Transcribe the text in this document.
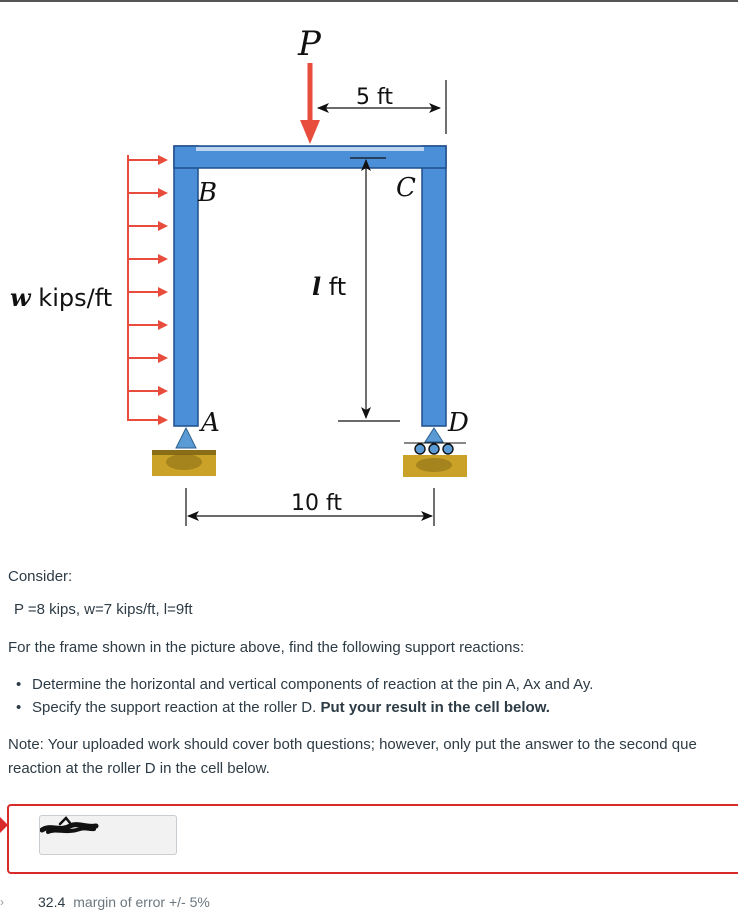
P
5 ft
B	C
A	D
w kips/ft	l ft
10 ft

Consider:

P =8 kips, w=7 kips/ft, l=9ft

For the frame shown in the picture above, find the following support reactions:

• Determine the horizontal and vertical components of reaction at the pin A, Ax and Ay.
• Specify the support reaction at the roller D. Put your result in the cell below.

Note: Your uploaded work should cover both questions; however, only put the answer to the second que

reaction at the roller D in the cell below.

› 32.4 margin of error +/- 5%
